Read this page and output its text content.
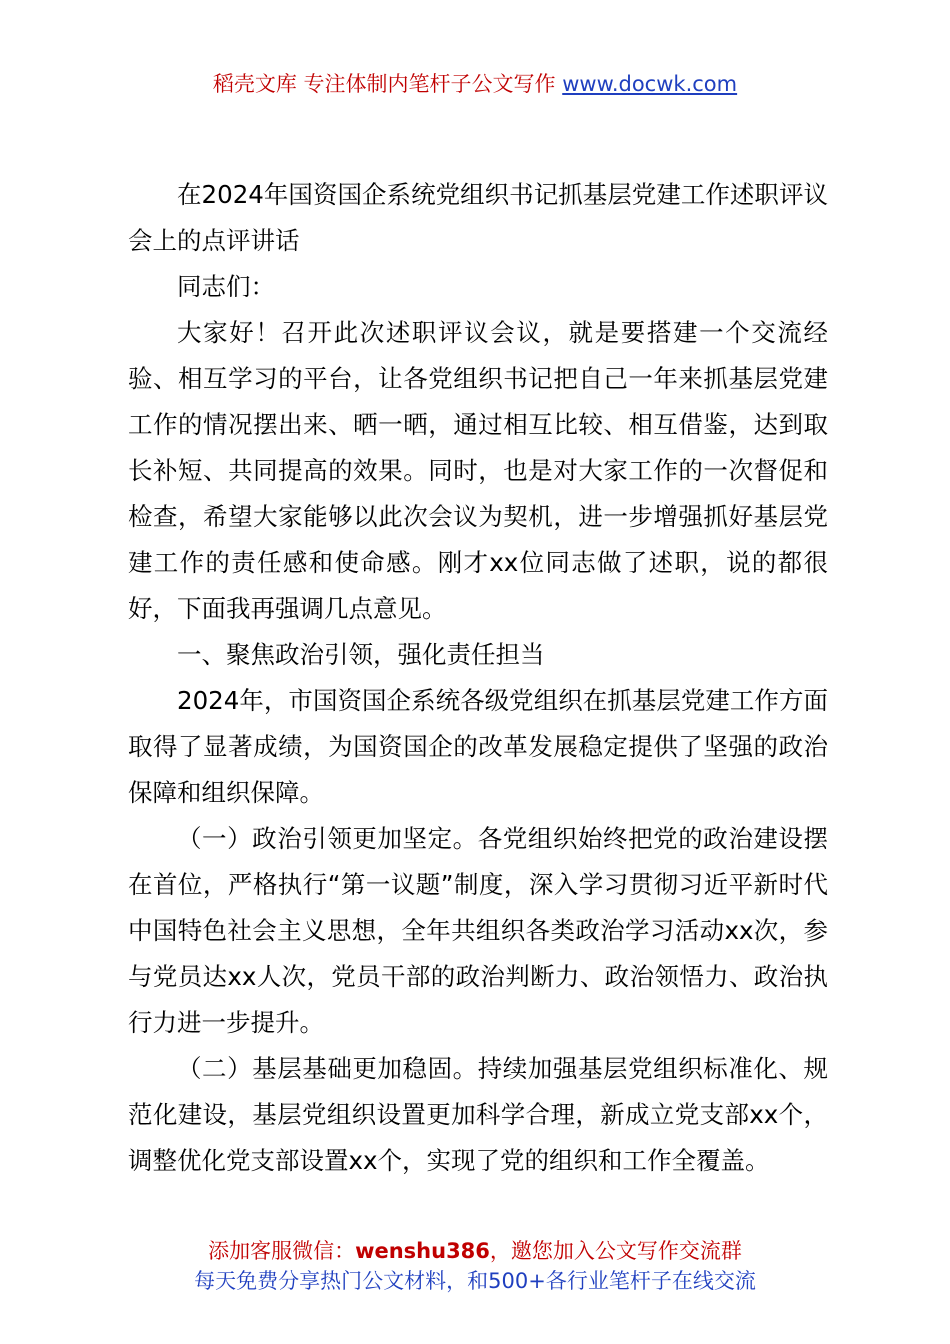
稻壳文库 专注体制内笔杆子公文写作 www.docwk.com

在2024年国资国企系统党组织书记抓基层党建工作述职评议会上的点评讲话

同志们：

大家好！召开此次述职评议会议，就是要搭建一个交流经验、相互学习的平台，让各党组织书记把自己一年来抓基层党建工作的情况摆出来、晒一晒，通过相互比较、相互借鉴，达到取长补短、共同提高的效果。同时，也是对大家工作的一次督促和检查，希望大家能够以此次会议为契机，进一步增强抓好基层党建工作的责任感和使命感。刚才xx位同志做了述职，说的都很好，下面我再强调几点意见。

一、聚焦政治引领，强化责任担当

2024年，市国资国企系统各级党组织在抓基层党建工作方面取得了显著成绩，为国资国企的改革发展稳定提供了坚强的政治保障和组织保障。

（一）政治引领更加坚定。各党组织始终把党的政治建设摆在首位，严格执行“第一议题”制度，深入学习贯彻习近平新时代中国特色社会主义思想，全年共组织各类政治学习活动xx次，参与党员达xx人次，党员干部的政治判断力、政治领悟力、政治执行力进一步提升。

（二）基层基础更加稳固。持续加强基层党组织标准化、规范化建设，基层党组织设置更加科学合理，新成立党支部xx个，调整优化党支部设置xx个，实现了党的组织和工作全覆盖。

添加客服微信：wenshu386，邀您加入公文写作交流群
每天免费分享热门公文材料，和500+各行业笔杆子在线交流
